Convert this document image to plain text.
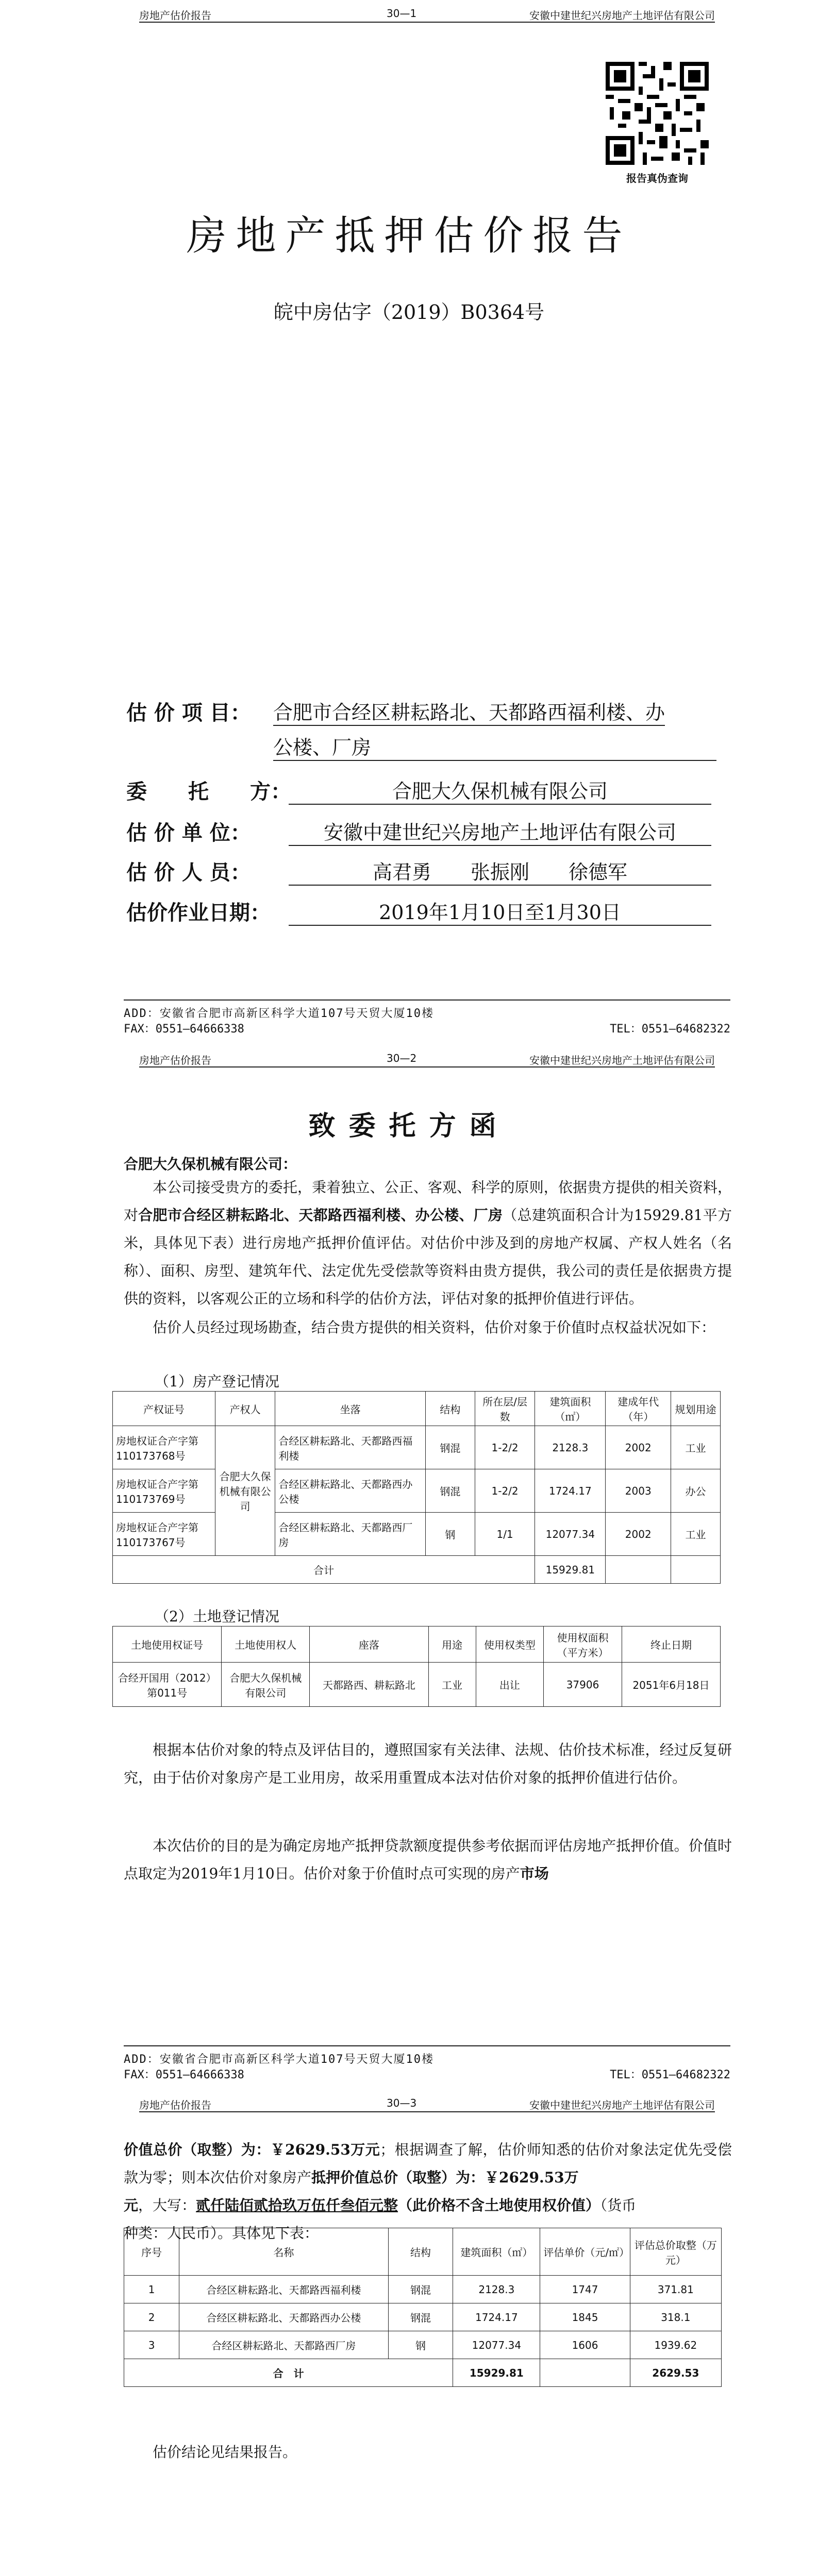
房地产估价报告	30—1	安徽中建世纪兴房地产土地评估有限公司
报告真伪查询
房地产抵押估价报告
皖中房估字（2019）B0364号
估 价 项 目： 合肥市合经区耕耘路北、天都路西福利楼、办
公楼、厂房
委　　托　　方：	合肥大久保机械有限公司
估 价 单 位：	安徽中建世纪兴房地产土地评估有限公司
估 价 人 员：	高君勇　　张振刚　　徐德军
估价作业日期：	2019年1月10日至1月30日
ADD：安徽省合肥市高新区科学大道107号天贸大厦10楼
FAX：0551—64666338	TEL：0551—64682322
房地产估价报告	30—2	安徽中建世纪兴房地产土地评估有限公司
致委托方函
合肥大久保机械有限公司：
本公司接受贵方的委托，秉着独立、公正、客观、科学的原则，依据贵方提供的相关资料，对合肥市合经区耕耘路北、天都路西福利楼、办公楼、厂房（总建筑面积合计为15929.81平方米，具体见下表）进行房地产抵押价值评估。对估价中涉及到的房地产权属、产权人姓名（名称）、面积、房型、建筑年代、法定优先受偿款等资料由贵方提供，我公司的责任是依据贵方提供的资料，以客观公正的立场和科学的估价方法，评估对象的抵押价值进行评估。
估价人员经过现场勘查，结合贵方提供的相关资料，估价对象于价值时点权益状况如下：
（1）房产登记情况
产权证号	产权人	坐落	结构	所在层/层数	建筑面积（㎡）	建成年代（年）	规划用途
房地权证合产字第110173768号	合肥大久保机械有限公司	合经区耕耘路北、天都路西福利楼	钢混	1-2/2	2128.3	2002	工业
房地权证合产字第110173769号		合经区耕耘路北、天都路西办公楼	钢混	1-2/2	1724.17	2003	办公
房地权证合产字第110173767号		合经区耕耘路北、天都路西厂房	钢	1/1	12077.34	2002	工业
合计					15929.81		
（2）土地登记情况
土地使用权证号	土地使用权人	座落	用途	使用权类型	使用权面积（平方米）	终止日期
合经开国用（2012）第011号	合肥大久保机械有限公司	天都路西、耕耘路北	工业	出让	37906	2051年6月18日
根据本估价对象的特点及评估目的，遵照国家有关法律、法规、估价技术标准，经过反复研究，由于估价对象房产是工业用房，故采用重置成本法对估价对象的抵押价值进行估价。
本次估价的目的是为确定房地产抵押贷款额度提供参考依据而评估房地产抵押价值。价值时点取定为2019年1月10日。估价对象于价值时点可实现的房产市场
ADD：安徽省合肥市高新区科学大道107号天贸大厦10楼
FAX：0551—64666338	TEL：0551—64682322
房地产估价报告	30—3	安徽中建世纪兴房地产土地评估有限公司
价值总价（取整）为：￥2629.53万元；根据调查了解，估价师知悉的估价对象法定优先受偿款为零；则本次估价对象房产抵押价值总价（取整）为：￥2629.53万
元，大写：贰仟陆佰贰拾玖万伍仟叁佰元整（此价格不含土地使用权价值）（货币
种类：人民币）。具体见下表：
序号	名称	结构	建筑面积（㎡）	评估单价（元/㎡）	评估总价取整（万元）
1	合经区耕耘路北、天都路西福利楼	钢混	2128.3	1747	371.81
2	合经区耕耘路北、天都路西办公楼	钢混	1724.17	1845	318.1
3	合经区耕耘路北、天都路西厂房	钢	12077.34	1606	1939.62
合　计			15929.81		2629.53
估价结论见结果报告。
